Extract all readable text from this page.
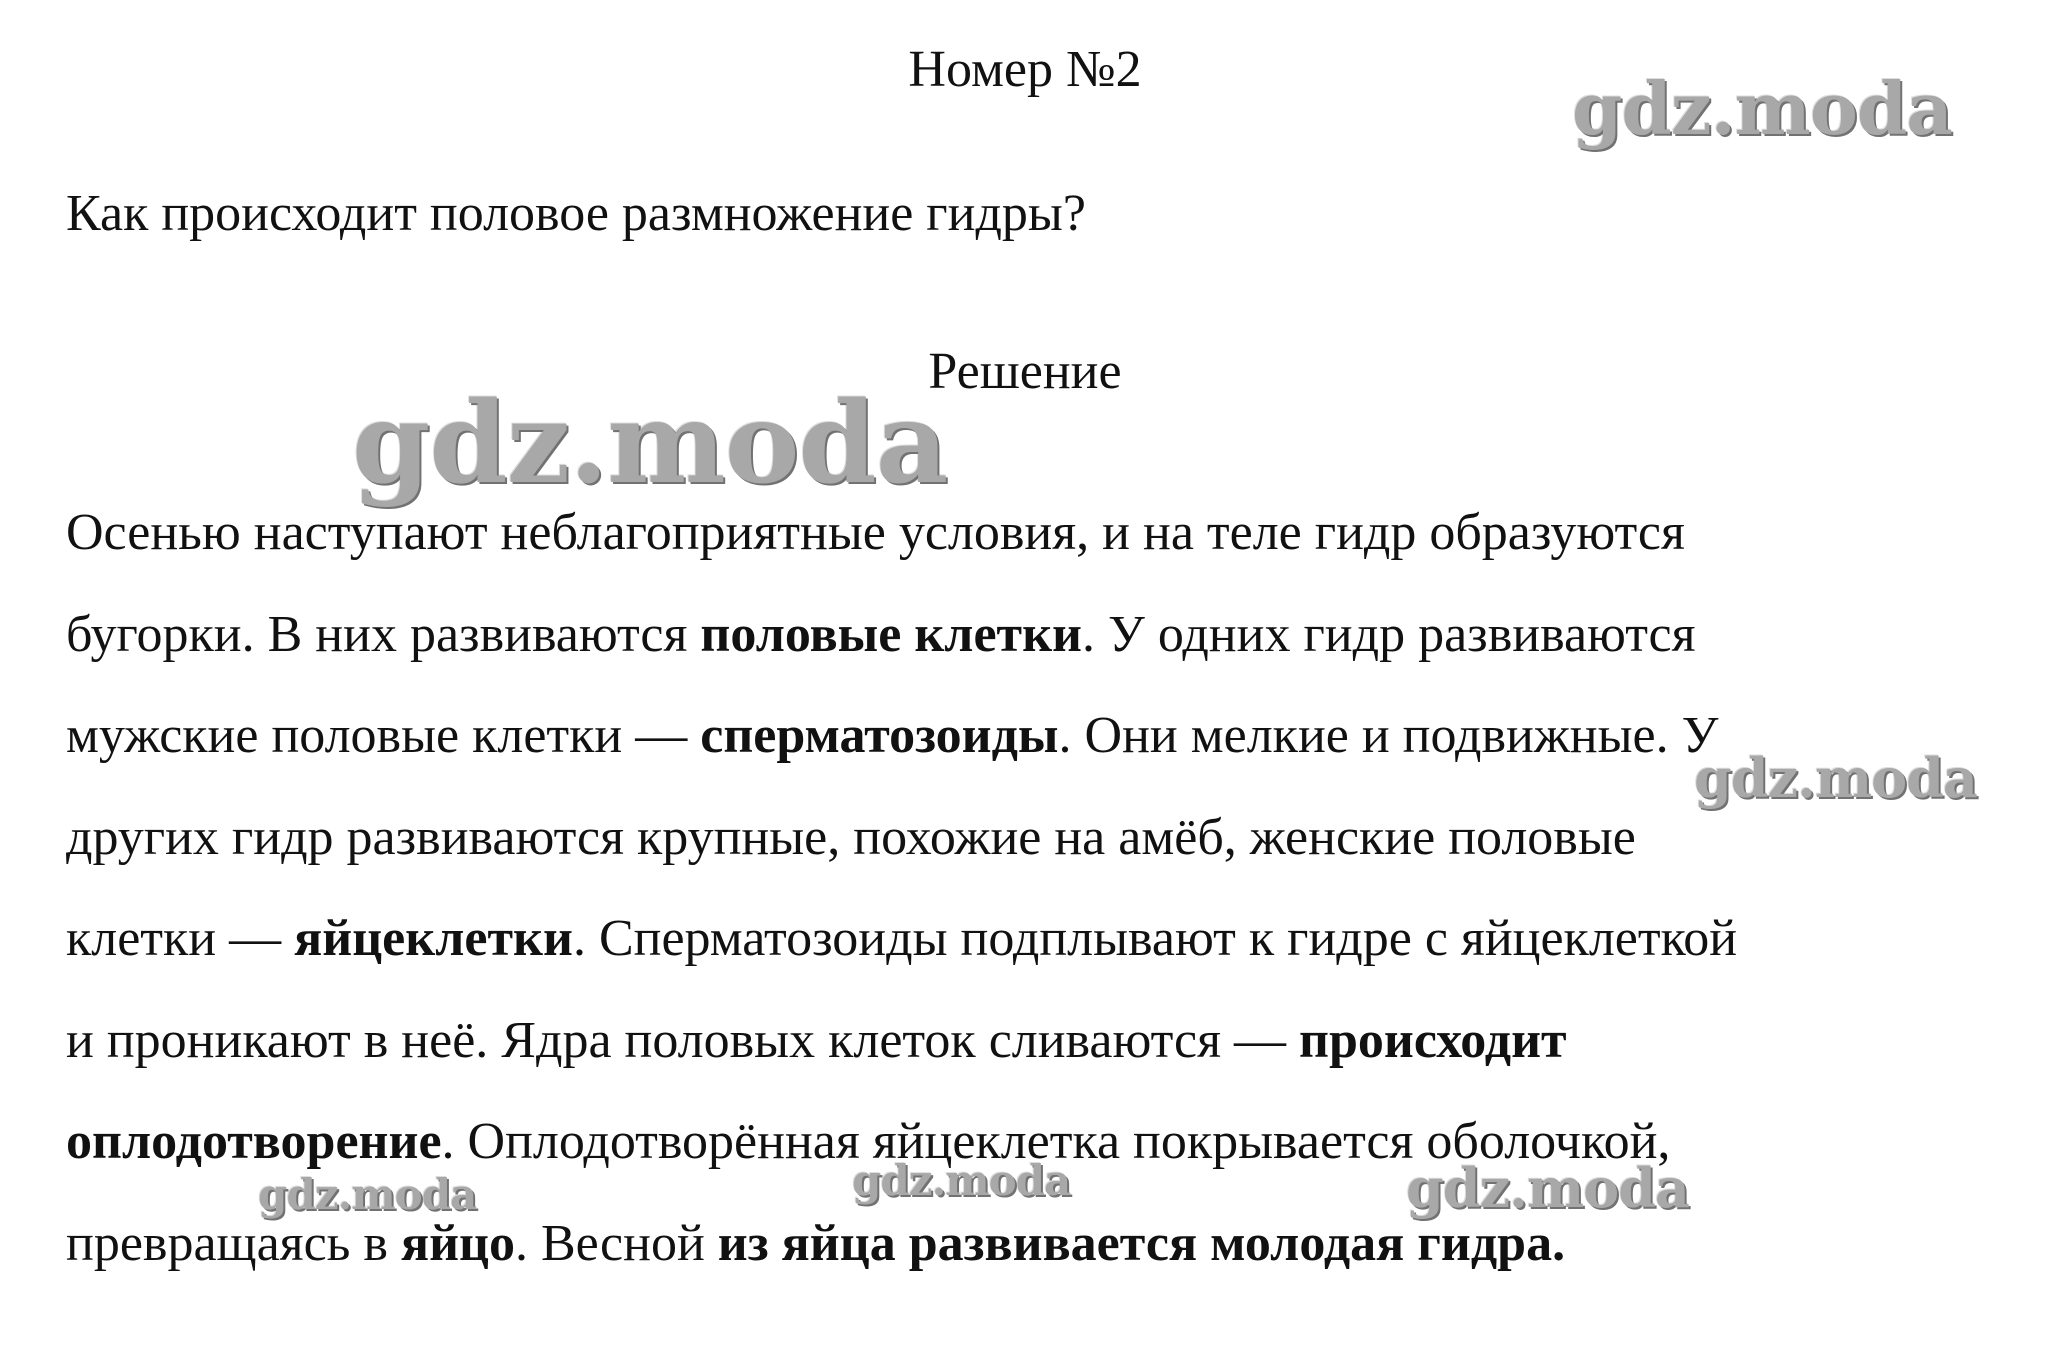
Номер №2	gdz.moda
Как происходит половое размножение гидры?
Решение
gdz.moda
Осенью наступают неблагоприятные условия, и на теле гидр образуются
бугорки. В них развиваются половые клетки. У одних гидр развиваются
мужские половые клетки — сперматозоиды. Они мелкие и подвижные. У
других гидр развиваются крупные, похожие на амёб, женские половые
клетки — яйцеклетки. Сперматозоиды подплывают к гидре с яйцеклеткой
и проникают в неё. Ядра половых клеток сливаются — происходит
оплодотворение. Оплодотворённая яйцеклетка покрывается оболочкой,
превращаясь в яйцо. Весной из яйца развивается молодая гидра.
gdz.moda
gdz.moda	gdz.moda	gdz.moda
